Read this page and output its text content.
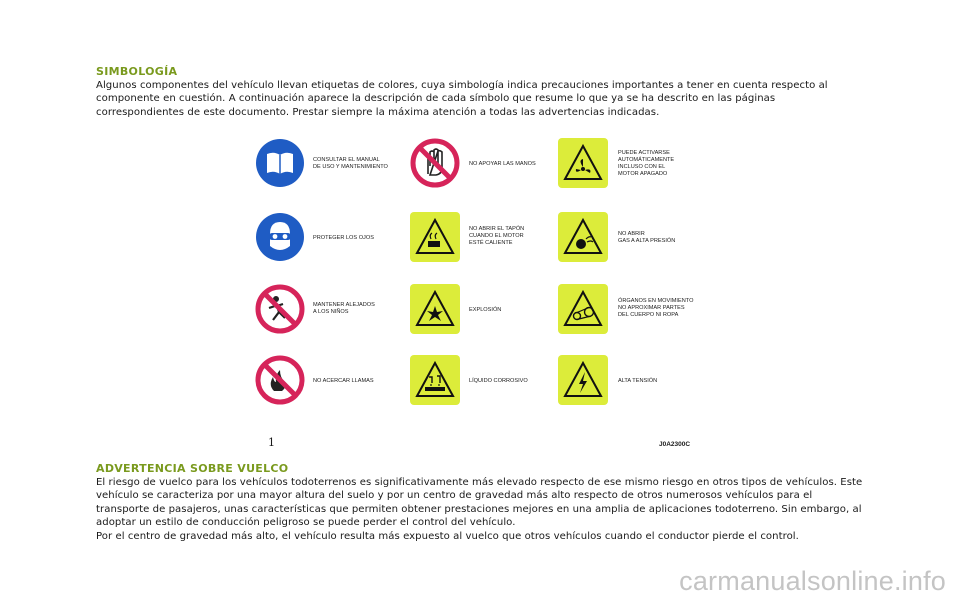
SIMBOLOGÍA

Algunos componentes del vehículo llevan etiquetas de colores, cuya simbología indica precauciones importantes a tener en cuenta respecto al componente en cuestión. A continuación aparece la descripción de cada símbolo que resume lo que ya se ha descrito en las páginas correspondientes de este documento. Prestar siempre la máxima atención a todas las advertencias indicadas.

CONSULTAR EL MANUAL
DE USO Y MANTENIMIENTO	NO APOYAR LAS MANOS
PUEDE ACTIVARSE
AUTOMÁTICAMENTE
INCLUSO CON EL
MOTOR APAGADO
PROTEGER LOS OJOS
NO ABRIR EL TAPÓN
CUANDO EL MOTOR
ESTÉ CALIENTE
NO ABRIR
GAS A ALTA PRESIÓN
MANTENER ALEJADOS
A LOS NIÑOS	EXPLOSIÓN
ÓRGANOS EN MOVIMIENTO
NO APROXIMAR PARTES
DEL CUERPO NI ROPA
NO ACERCAR LLAMAS	LÍQUIDO CORROSIVO	ALTA TENSIÓN

1	J0A2300C

ADVERTENCIA SOBRE VUELCO

El riesgo de vuelco para los vehículos todoterrenos es significativamente más elevado respecto de ese mismo riesgo en otros tipos de vehículos. Este vehículo se caracteriza por una mayor altura del suelo y por un centro de gravedad más alto respecto de otros numerosos vehículos para el transporte de pasajeros, unas características que permiten obtener prestaciones mejores en una amplia de aplicaciones todoterreno. Sin embargo, al adoptar un estilo de conducción peligroso se puede perder el control del vehículo.

Por el centro de gravedad más alto, el vehículo resulta más expuesto al vuelco que otros vehículos cuando el conductor pierde el control.

carmanualsonline.info
